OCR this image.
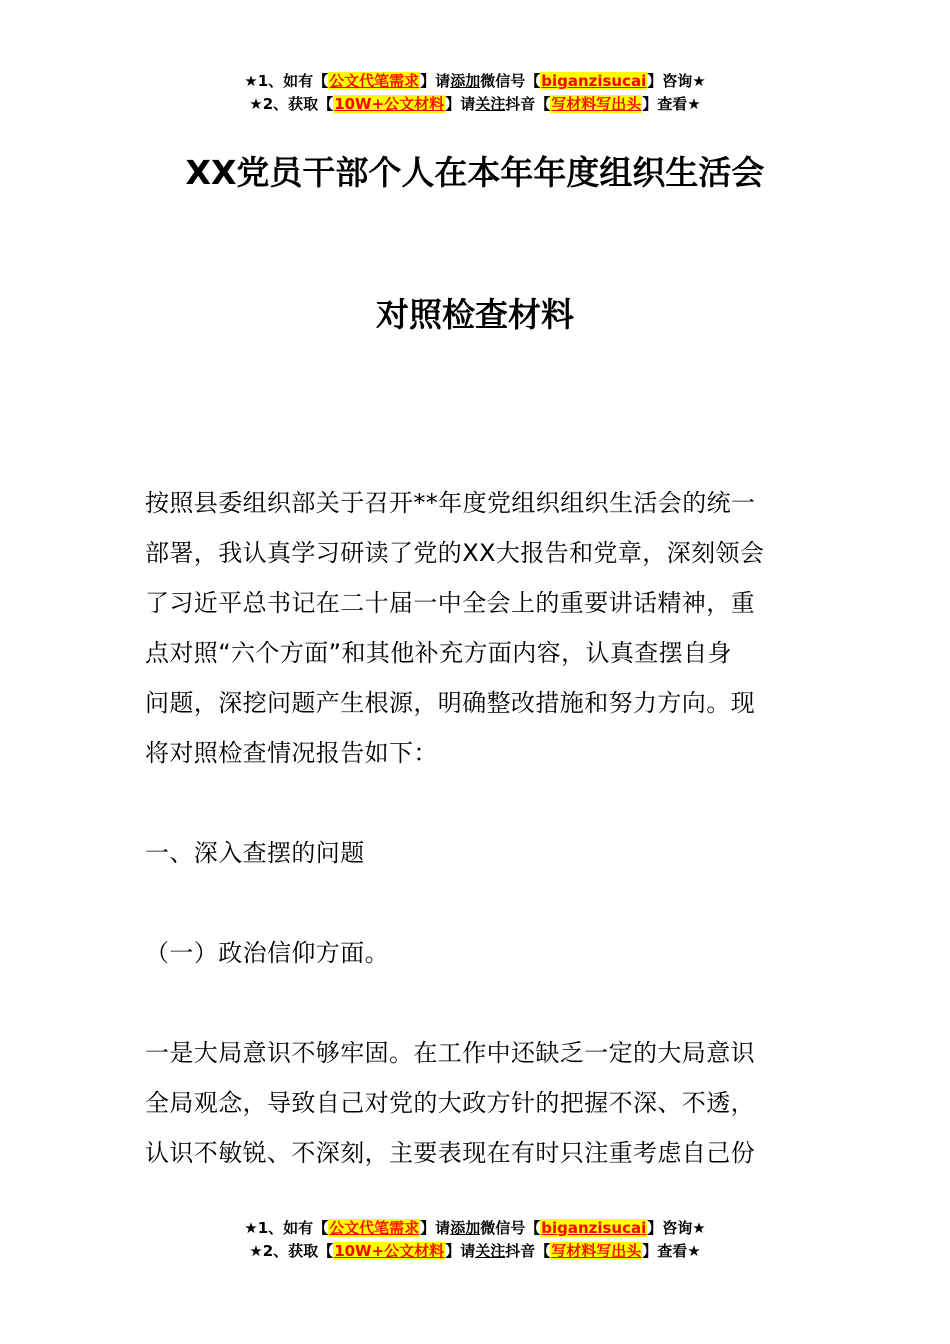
★1、如有【公文代笔需求】请添加微信号【biganzisucai】咨询★
★2、获取【10W+公文材料】请关注抖音【写材料写出头】查看★
XX党员干部个人在本年年度组织生活会
对照检查材料
按照县委组织部关于召开**年度党组织组织生活会的统一
部署，我认真学习研读了党的XX大报告和党章，深刻领会
了习近平总书记在二十届一中全会上的重要讲话精神，重
点对照“六个方面”和其他补充方面内容，认真查摆自身
问题，深挖问题产生根源，明确整改措施和努力方向。现
将对照检查情况报告如下：
一、深入查摆的问题
（一）政治信仰方面。
一是大局意识不够牢固。在工作中还缺乏一定的大局意识
全局观念，导致自己对党的大政方针的把握不深、不透，
认识不敏锐、不深刻，主要表现在有时只注重考虑自己份
★1、如有【公文代笔需求】请添加微信号【biganzisucai】咨询★
★2、获取【10W+公文材料】请关注抖音【写材料写出头】查看★
